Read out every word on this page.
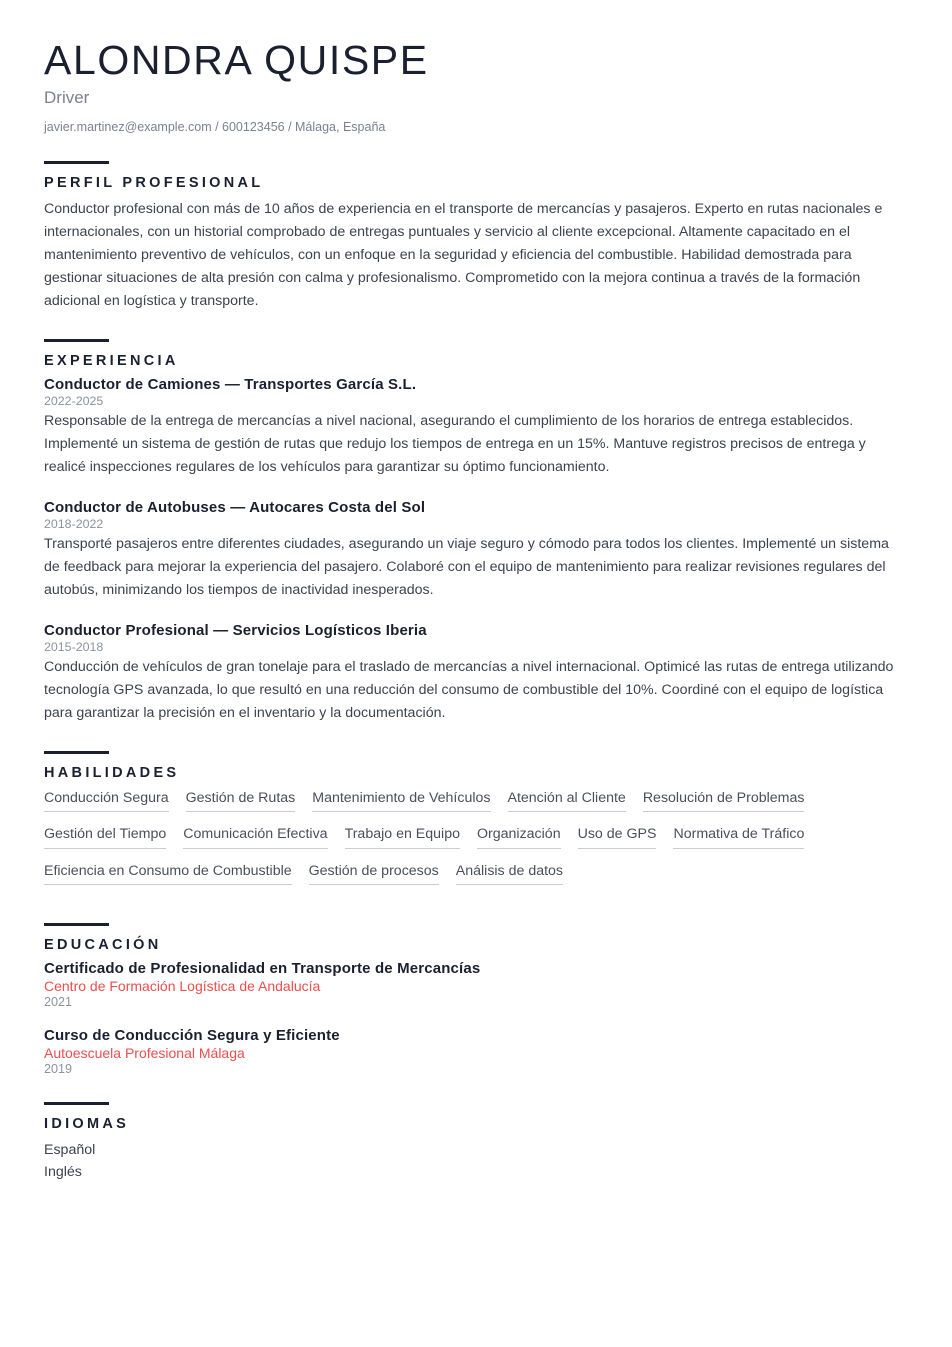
ALONDRA QUISPE
Driver
javier.martinez@example.com / 600123456 / Málaga, España
PERFIL PROFESIONAL

Conductor profesional con más de 10 años de experiencia en el transporte de mercancías y pasajeros. Experto en rutas nacionales e internacionales, con un historial comprobado de entregas puntuales y servicio al cliente excepcional. Altamente capacitado en el mantenimiento preventivo de vehículos, con un enfoque en la seguridad y eficiencia del combustible. Habilidad demostrada para gestionar situaciones de alta presión con calma y profesionalismo. Comprometido con la mejora continua a través de la formación adicional en logística y transporte.

EXPERIENCIA
Conductor de Camiones — Transportes García S.L.
2022-2025

Responsable de la entrega de mercancías a nivel nacional, asegurando el cumplimiento de los horarios de entrega establecidos. Implementé un sistema de gestión de rutas que redujo los tiempos de entrega en un 15%. Mantuve registros precisos de entrega y realicé inspecciones regulares de los vehículos para garantizar su óptimo funcionamiento.

Conductor de Autobuses — Autocares Costa del Sol
2018-2022

Transporté pasajeros entre diferentes ciudades, asegurando un viaje seguro y cómodo para todos los clientes. Implementé un sistema de feedback para mejorar la experiencia del pasajero. Colaboré con el equipo de mantenimiento para realizar revisiones regulares del autobús, minimizando los tiempos de inactividad inesperados.

Conductor Profesional — Servicios Logísticos Iberia
2015-2018

Conducción de vehículos de gran tonelaje para el traslado de mercancías a nivel internacional. Optimicé las rutas de entrega utilizando tecnología GPS avanzada, lo que resultó en una reducción del consumo de combustible del 10%. Coordiné con el equipo de logística para garantizar la precisión en el inventario y la documentación.

HABILIDADES
Conducción Segura Gestión de Rutas Mantenimiento de Vehículos Atención al Cliente Resolución de Problemas
Gestión del Tiempo Comunicación Efectiva Trabajo en Equipo Organización Uso de GPS Normativa de Tráfico
Eficiencia en Consumo de Combustible Gestión de procesos Análisis de datos
EDUCACIÓN
Certificado de Profesionalidad en Transporte de Mercancías
Centro de Formación Logística de Andalucía
2021
Curso de Conducción Segura y Eficiente
Autoescuela Profesional Málaga
2019
IDIOMAS
Español
Inglés
